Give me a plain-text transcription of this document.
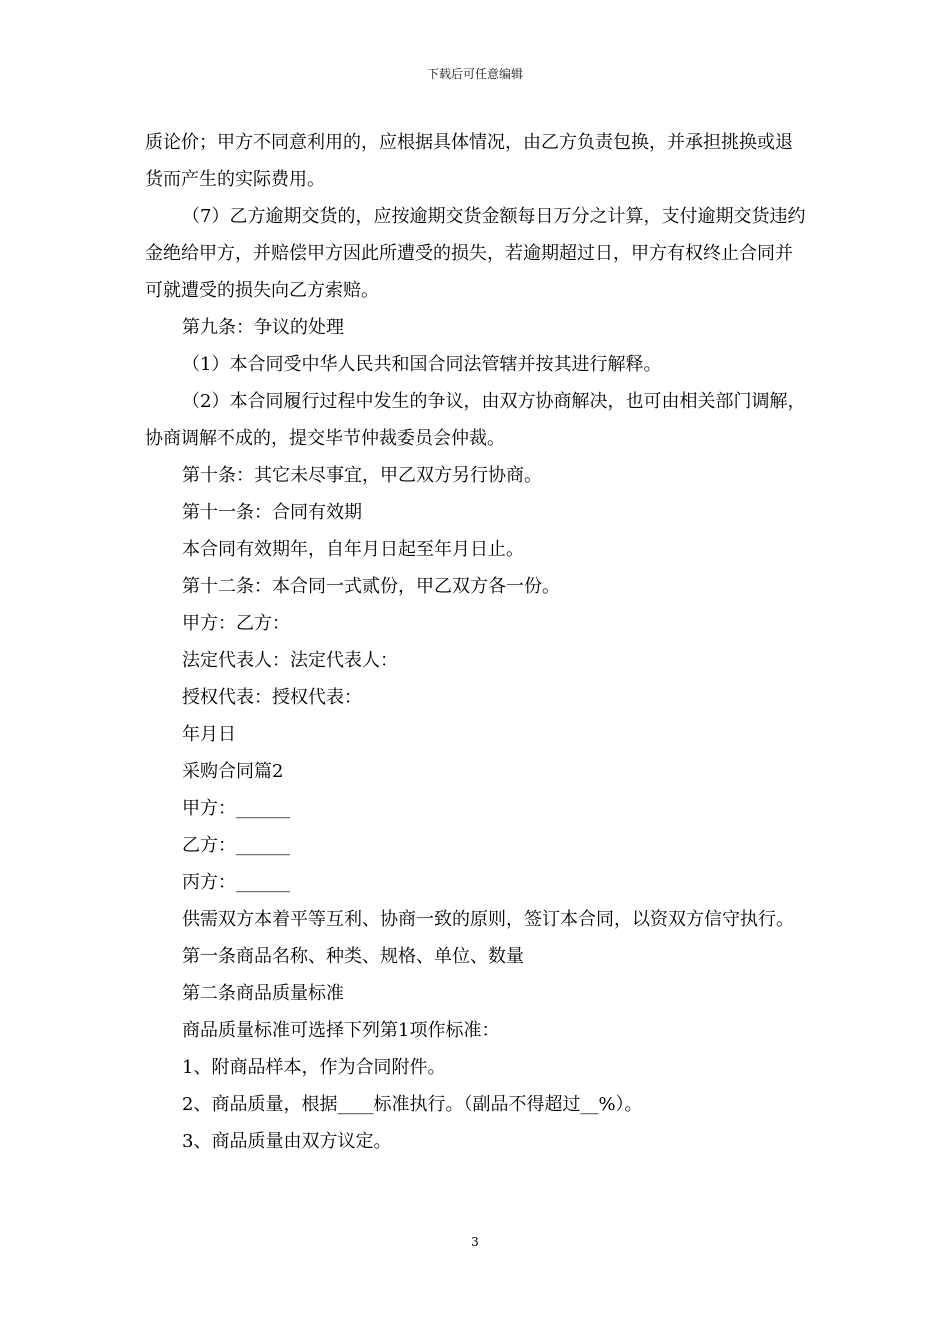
下载后可任意编辑

质论价；甲方不同意利用的，应根据具体情况，由乙方负责包换，并承担挑换或退货而产生的实际费用。

（7）乙方逾期交货的，应按逾期交货金额每日万分之计算，支付逾期交货违约金绝给甲方，并赔偿甲方因此所遭受的损失，若逾期超过日，甲方有权终止合同并可就遭受的损失向乙方索赔。

第九条：争议的处理

（1）本合同受中华人民共和国合同法管辖并按其进行解释。

（2）本合同履行过程中发生的争议，由双方协商解决，也可由相关部门调解，协商调解不成的，提交毕节仲裁委员会仲裁。

第十条：其它未尽事宜，甲乙双方另行协商。

第十一条：合同有效期

本合同有效期年，自年月日起至年月日止。

第十二条：本合同一式贰份，甲乙双方各一份。

甲方：乙方：

法定代表人：法定代表人：

授权代表：授权代表：

年月日

采购合同篇2

甲方：______

乙方：______

丙方：______

供需双方本着平等互利、协商一致的原则，签订本合同，以资双方信守执行。

第一条商品名称、种类、规格、单位、数量

第二条商品质量标准

商品质量标准可选择下列第1项作标准：

1、附商品样本，作为合同附件。

2、商品质量，根据____标准执行。（副品不得超过__%）。

3、商品质量由双方议定。

3
